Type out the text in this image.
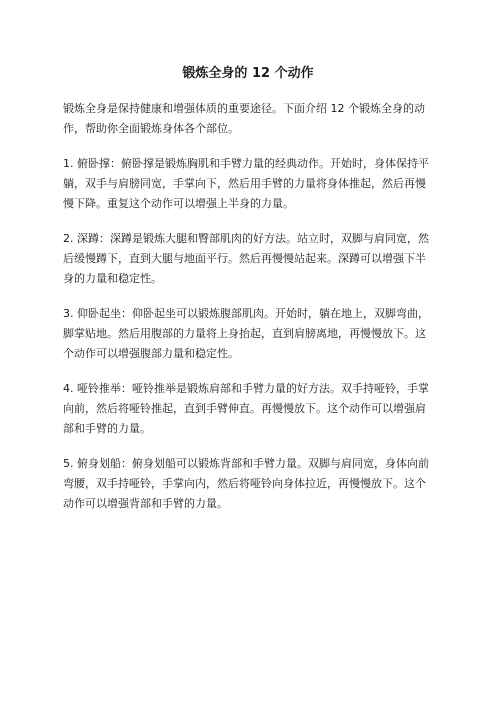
锻炼全身的 12 个动作

锻炼全身是保持健康和增强体质的重要途径。下面介绍 12 个锻炼全身的动作，帮助你全面锻炼身体各个部位。

1. 俯卧撑：俯卧撑是锻炼胸肌和手臂力量的经典动作。开始时，身体保持平躺，双手与肩膀同宽，手掌向下，然后用手臂的力量将身体推起，然后再慢慢下降。重复这个动作可以增强上半身的力量。

2. 深蹲：深蹲是锻炼大腿和臀部肌肉的好方法。站立时，双脚与肩同宽，然后缓慢蹲下，直到大腿与地面平行。然后再慢慢站起来。深蹲可以增强下半身的力量和稳定性。

3. 仰卧起坐：仰卧起坐可以锻炼腹部肌肉。开始时，躺在地上，双脚弯曲，脚掌贴地。然后用腹部的力量将上身抬起，直到肩膀离地，再慢慢放下。这个动作可以增强腹部力量和稳定性。

4. 哑铃推举：哑铃推举是锻炼肩部和手臂力量的好方法。双手持哑铃，手掌向前，然后将哑铃推起，直到手臂伸直。再慢慢放下。这个动作可以增强肩部和手臂的力量。

5. 俯身划船：俯身划船可以锻炼背部和手臂力量。双脚与肩同宽，身体向前弯腰，双手持哑铃，手掌向内，然后将哑铃向身体拉近，再慢慢放下。这个动作可以增强背部和手臂的力量。
